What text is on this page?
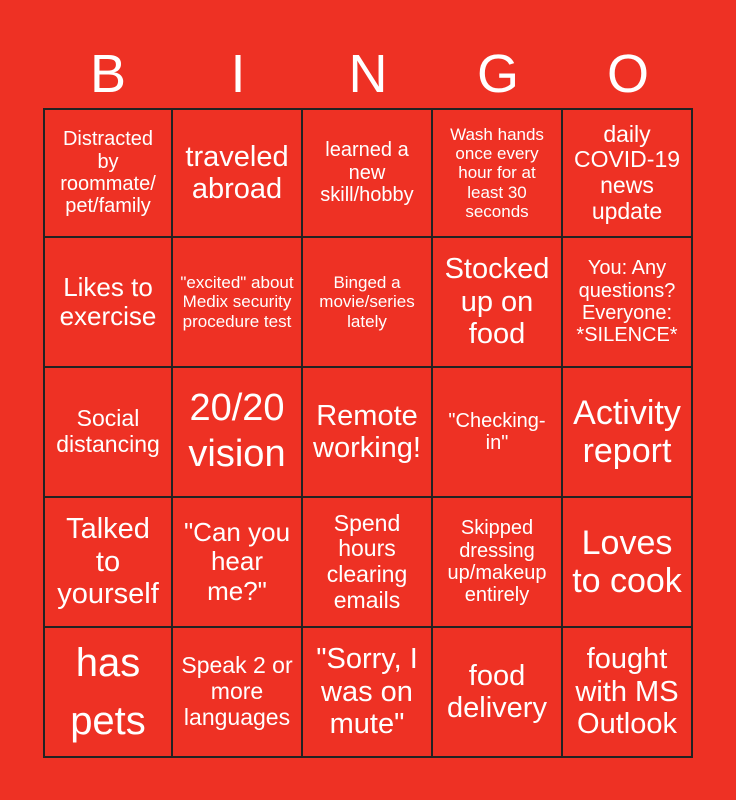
B	I	N	G	O
Distracted by roommate/ pet/family
traveled abroad
learned a new skill/hobby
Wash hands once every hour for at least 30 seconds
daily COVID-19 news update
Likes to exercise
"excited" about Medix security procedure test
Binged a movie/series lately
Stocked up on food
You: Any questions? Everyone: *SILENCE*
Social distancing
20/20 vision
Remote working!
"Checking-in"
Activity report
Talked to yourself
"Can you hear me?"
Spend hours clearing emails
Skipped dressing up/makeup entirely
Loves to cook
has pets
Speak 2 or more languages
"Sorry, I was on mute"
food delivery
fought with MS Outlook
